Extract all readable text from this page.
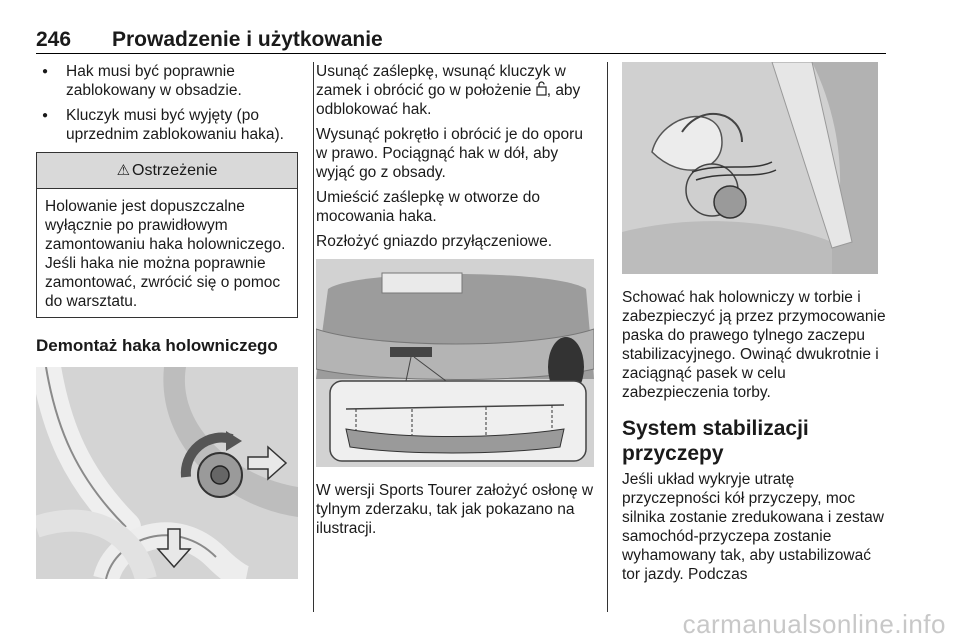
246 Prowadzenie i użytkowanie
● Hak musi być poprawnie zablokowany w obsadzie.
● Kluczyk musi być wyjęty (po uprzednim zablokowaniu haka).
⚠ Ostrzeżenie
Holowanie jest dopuszczalne wyłącznie po prawidłowym zamontowaniu haka holowniczego. Jeśli haka nie można poprawnie zamontować, zwrócić się o pomoc do warsztatu.
Demontaż haka holowniczego

Usunąć zaślepkę, wsunąć kluczyk w zamek i obrócić go w położenie , aby odblokować hak.

Wysunąć pokrętło i obrócić je do oporu w prawo. Pociągnąć hak w dół, aby wyjąć go z obsady.

Umieścić zaślepkę w otworze do mocowania haka.

Rozłożyć gniazdo przyłączeniowe.

W wersji Sports Tourer założyć osłonę w tylnym zderzaku, tak jak pokazano na ilustracji.

Schować hak holowniczy w torbie i zabezpieczyć ją przez przymocowanie paska do prawego tylnego zaczepu stabilizacyjnego. Owinąć dwukrotnie i zaciągnąć pasek w celu zabezpieczenia torby.

System stabilizacji przyczepy

Jeśli układ wykryje utratę przyczepności kół przyczepy, moc silnika zostanie zredukowana i zestaw samochód-przyczepa zostanie wyhamowany tak, aby ustabilizować tor jazdy. Podczas

carmanualsonline.info
